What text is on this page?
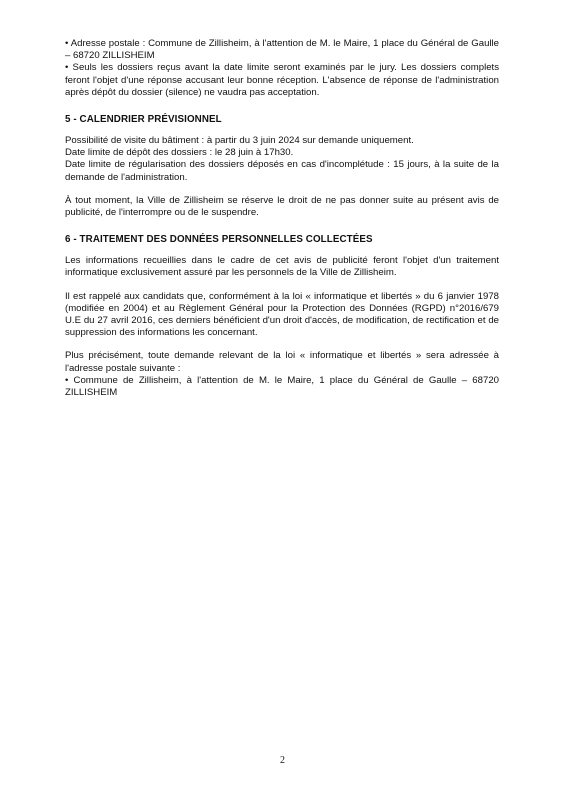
• Adresse postale : Commune de Zillisheim, à l'attention de M. le Maire, 1 place du Général de Gaulle – 68720 ZILLISHEIM

• Seuls les dossiers reçus avant la date limite seront examinés par le jury. Les dossiers complets feront l'objet d'une réponse accusant leur bonne réception. L'absence de réponse de l'administration après dépôt du dossier (silence) ne vaudra pas acceptation.

5 - CALENDRIER PRÉVISIONNEL

Possibilité de visite du bâtiment : à partir du 3 juin 2024 sur demande uniquement.

Date limite de dépôt des dossiers : le 28 juin à 17h30.

Date limite de régularisation des dossiers déposés en cas d'incomplétude : 15 jours, à la suite de la demande de l'administration.

À tout moment, la Ville de Zillisheim se réserve le droit de ne pas donner suite au présent avis de publicité, de l'interrompre ou de le suspendre.

6 - TRAITEMENT DES DONNÉES PERSONNELLES COLLECTÉES

Les informations recueillies dans le cadre de cet avis de publicité feront l'objet d'un traitement informatique exclusivement assuré par les personnels de la Ville de Zillisheim.

Il est rappelé aux candidats que, conformément à la loi « informatique et libertés » du 6 janvier 1978 (modifiée en 2004) et au Règlement Général pour la Protection des Données (RGPD) n°2016/679 U.E du 27 avril 2016, ces derniers bénéficient d'un droit d'accès, de modification, de rectification et de suppression des informations les concernant.

Plus précisément, toute demande relevant de la loi « informatique et libertés » sera adressée à l'adresse postale suivante :

• Commune de Zillisheim, à l'attention de M. le Maire, 1 place du Général de Gaulle – 68720 ZILLISHEIM

2
